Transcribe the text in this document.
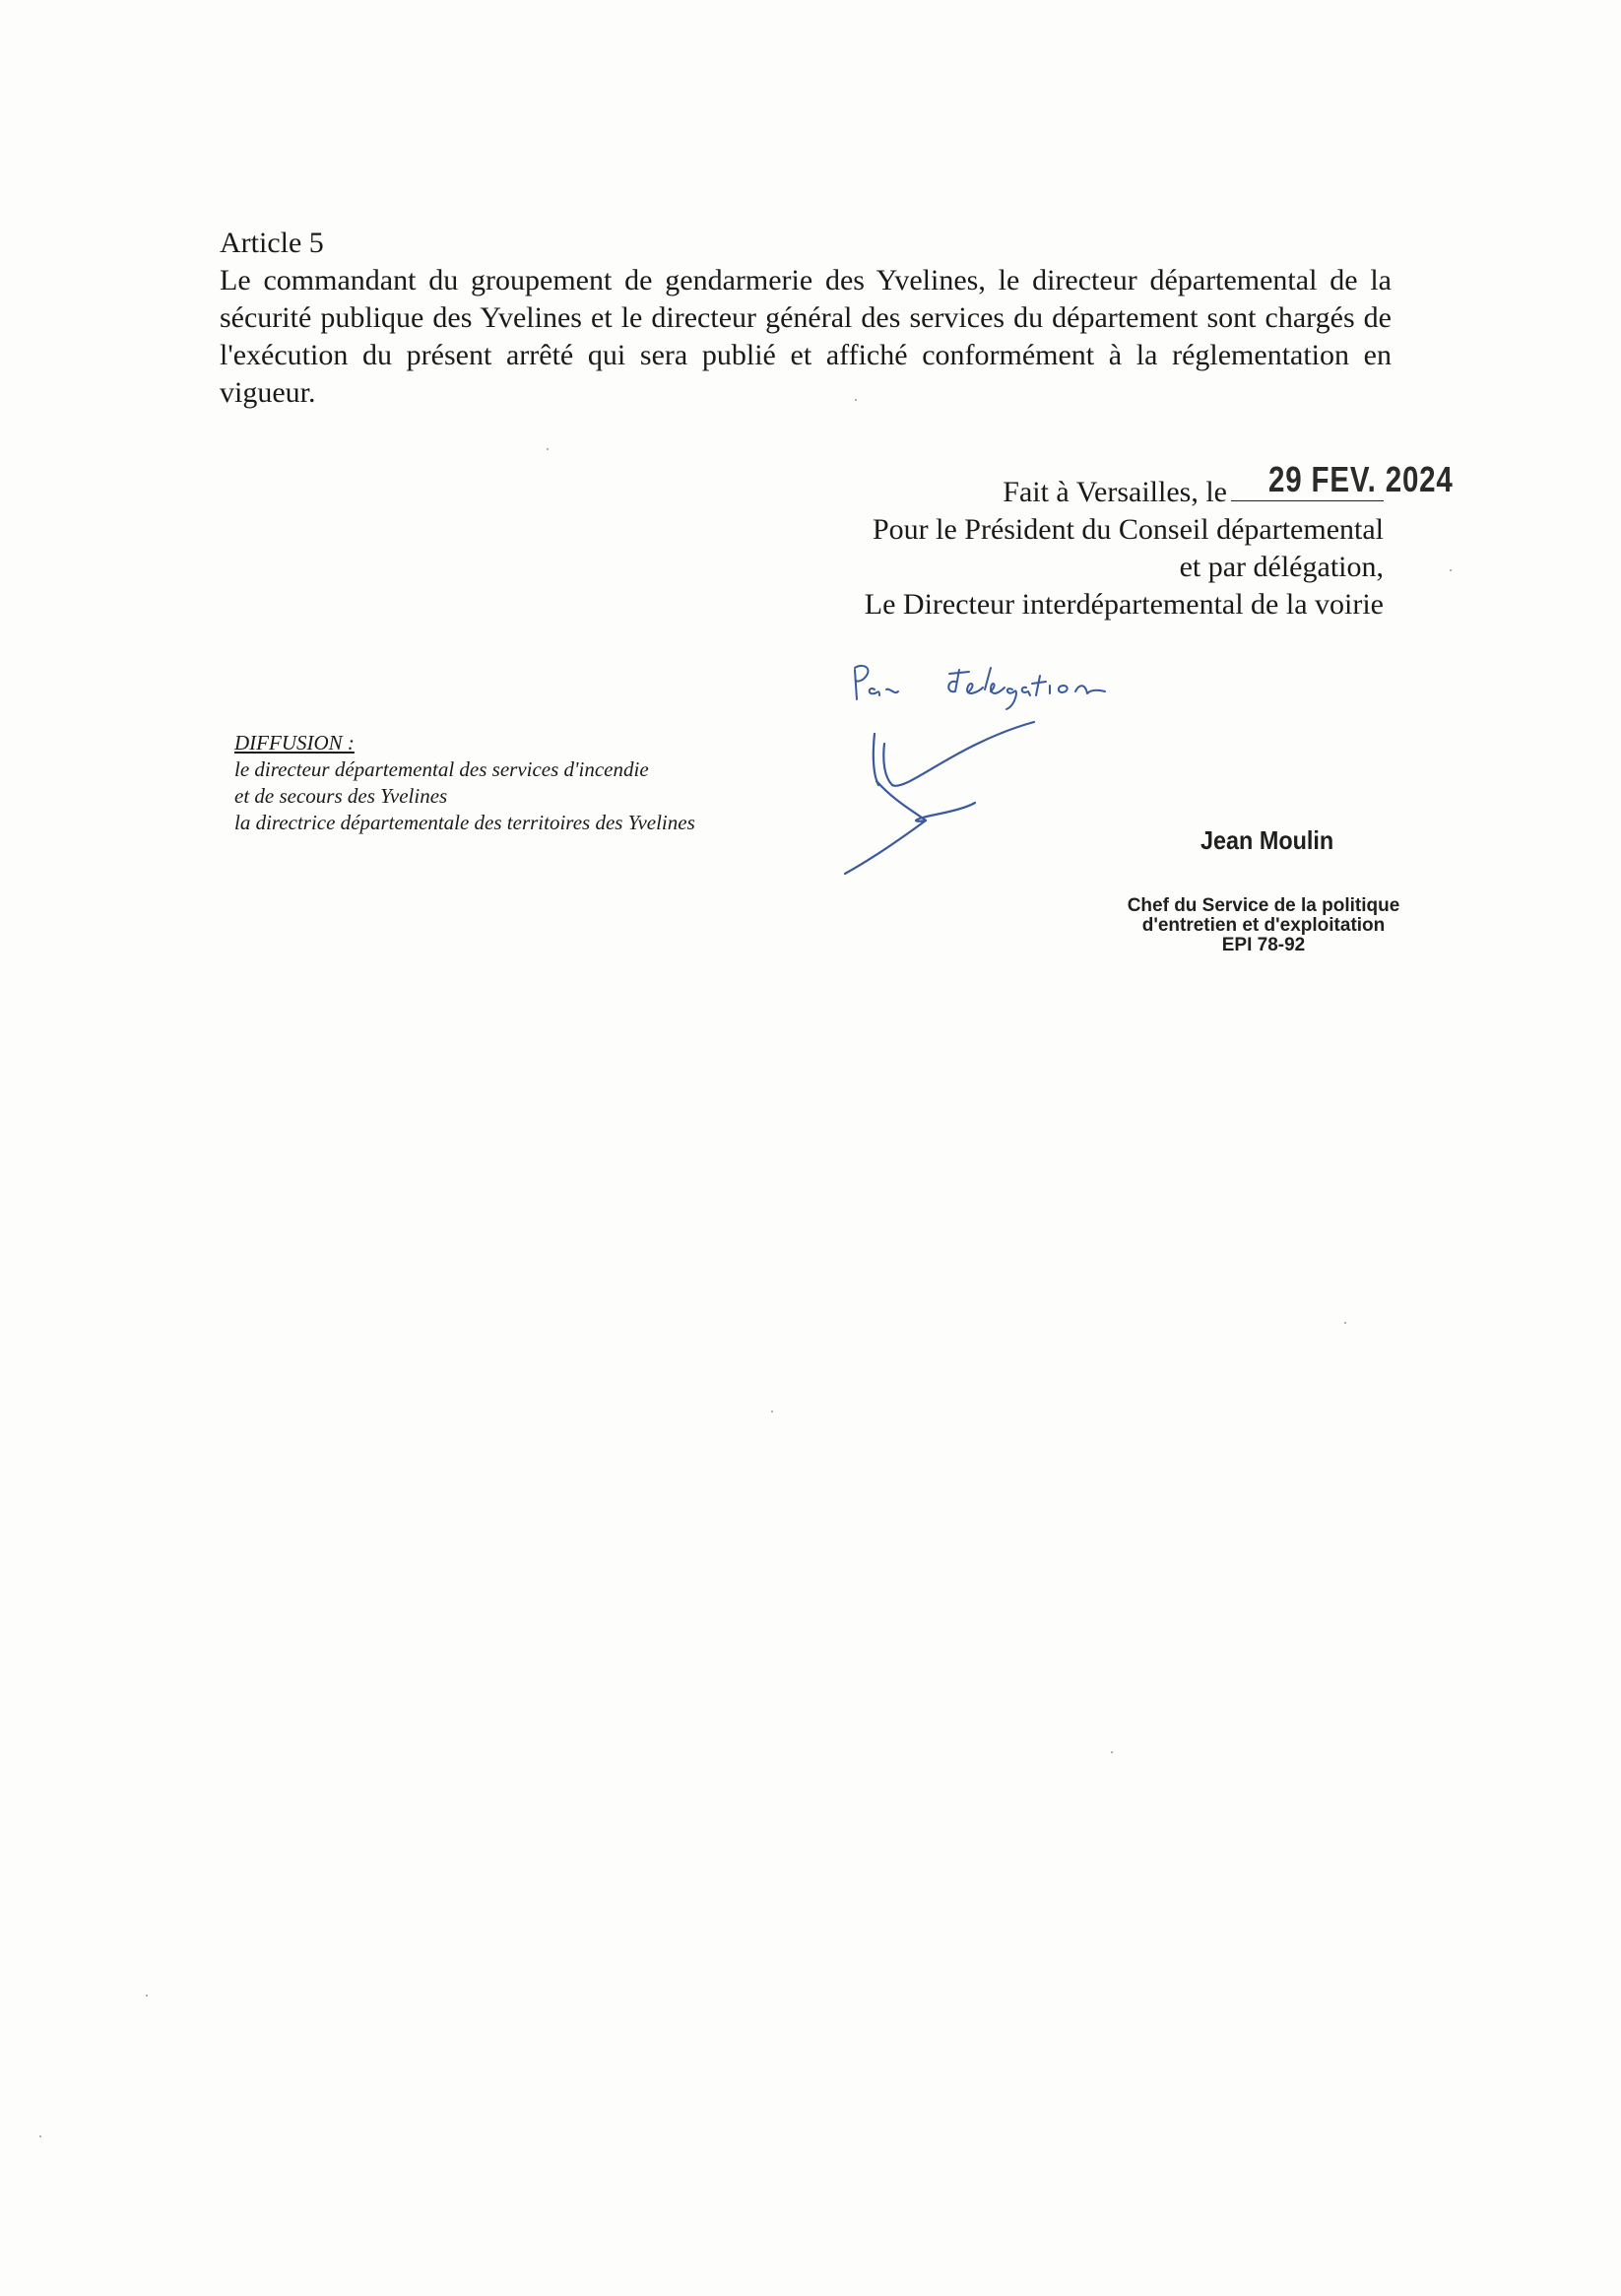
Article 5

Le commandant du groupement de gendarmerie des Yvelines, le directeur départemental de la sécurité publique des Yvelines et le directeur général des services du département sont chargés de l'exécution du présent arrêté qui sera publié et affiché conformément à la réglementation en vigueur.

29 FEV. 2024
Fait à Versailles, le
Pour le Président du Conseil départemental
et par délégation,
Le Directeur interdépartemental de la voirie
DIFFUSION :
le directeur départemental des services d'incendie
et de secours des Yvelines
la directrice départementale des territoires des Yvelines
Jean Moulin
Chef du Service de la politique
d'entretien et d'exploitation
EPI 78-92
